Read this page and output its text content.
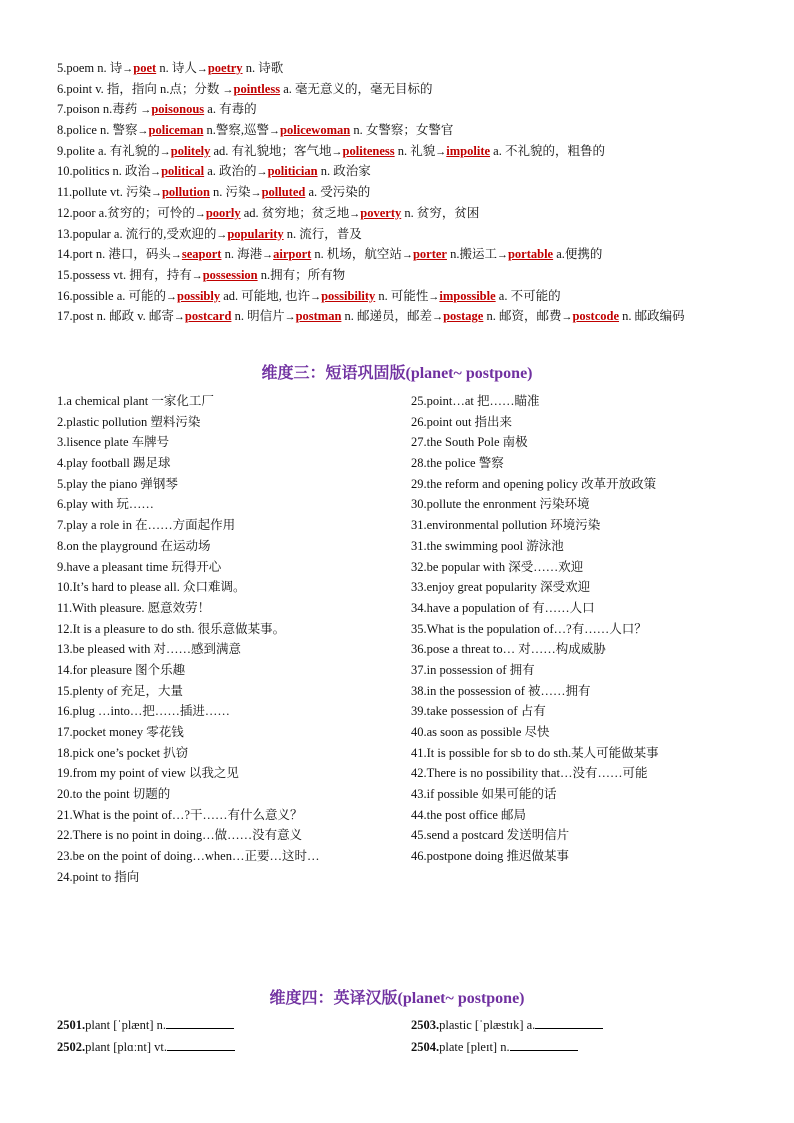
5.poem n. 诗→poet n. 诗人→poetry n. 诗歌
6.point v. 指，指向 n.点；分数 →pointless a. 毫无意义的，毫无目标的
7.poison n.毒药 →poisonous a. 有毒的
8.police n. 警察→policeman n.警察,巡警→policewoman n. 女警察；女警官
9.polite a. 有礼貌的→politely ad. 有礼貌地；客气地→politeness n. 礼貌→impolite a. 不礼貌的，粗鲁的
10.politics n. 政治→political a. 政治的→politician n. 政治家
11.pollute vt. 污染→pollution n. 污染→polluted a. 受污染的
12.poor a.贫穷的；可怜的→poorly ad. 贫穷地；贫乏地→poverty n. 贫穷，贫困
13.popular a. 流行的,受欢迎的→popularity n. 流行，普及
14.port n. 港口，码头→seaport n. 海港→airport n. 机场，航空站→porter n.搬运工→portable a.便携的
15.possess vt. 拥有，持有→possession n.拥有；所有物
16.possible a. 可能的→possibly ad. 可能地, 也许→possibility n. 可能性→impossible a. 不可能的
17.post n. 邮政 v. 邮寄→postcard n. 明信片→postman n. 邮递员，邮差→postage n. 邮资，邮费→postcode n. 邮政编码
维度三：短语巩固版(planet~ postpone)
1.a chemical plant 一家化工厂
2.plastic pollution 塑料污染
3.lisence plate 车牌号
4.play football 踢足球
5.play the piano 弹钢琴
6.play with 玩……
7.play a role in 在……方面起作用
8.on the playground 在运动场
9.have a pleasant time 玩得开心
10.It’s hard to please all. 众口难调。
11.With pleasure. 愿意效劳！
12.It is a pleasure to do sth. 很乐意做某事。
13.be pleased with 对……感到满意
14.for pleasure 图个乐趣
15.plenty of 充足，大量
16.plug …into…把……插进……
17.pocket money 零花钱
18.pick one’s pocket 扒窃
19.from my point of view 以我之见
20.to the point 切题的
21.What is the point of…?干……有什么意义？
22.There is no point in doing…做……没有意义
23.be on the point of doing…when…正要…这时…
24.point to 指向
25.point…at 把……瞄准
26.point out 指出来
27.the South Pole 南极
28.the police 警察
29.the reform and opening policy 改革开放政策
30.pollute the enronment 污染环境
31.environmental pollution 环境污染
31.the swimming pool 游泳池
32.be popular with 深受……欢迎
33.enjoy great popularity 深受欢迎
34.have a population of 有……人口
35.What is the population of…?有……人口？
36.pose a threat to… 对……构成威胁
37.in possession of 拥有
38.in the possession of 被……拥有
39.take possession of 占有
40.as soon as possible 尽快
41.It is possible for sb to do sth.某人可能做某事
42.There is no possibility that…没有……可能
43.if possible 如果可能的话
44.the post office 邮局
45.send a postcard 发送明信片
46.postpone doing 推迟做某事
维度四：英译汉版(planet~ postpone)
2501.plant [ˈplænt] n.	2503.plastic [ˈplæstɪk] a.
2502.plant [plɑːnt] vt.	2504.plate [pleɪt] n.
